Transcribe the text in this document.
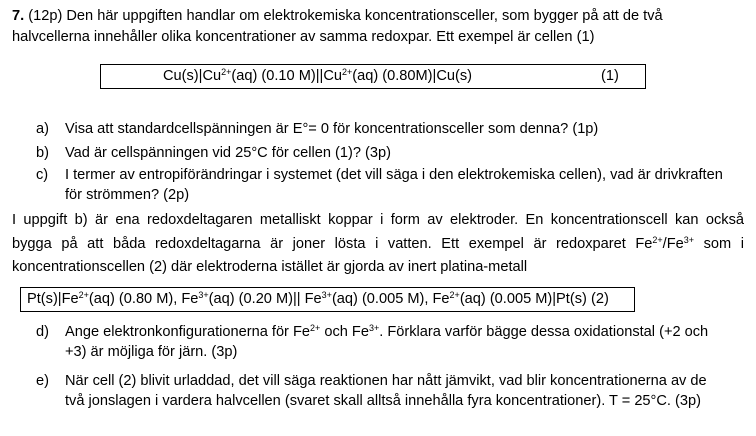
7. (12p) Den här uppgiften handlar om elektrokemiska koncentrationsceller, som bygger på att de två
halvcellerna innehåller olika koncentrationer av samma redoxpar. Ett exempel är cellen (1)
$Cu(s)|Cu^{2+}(aq)$ (0.10 $M)||Cu^{2+}(aq)$ (0.80M)|Cu(s)	(1)
a) Visa att standardcellspänningen är E°= 0 för koncentrationsceller som denna? (1p)
b) Vad är cellspänningen vid 25°C för cellen (1)? (3p)
c) I termer av entropiförändringar i systemet (det vill säga i den elektrokemiska cellen), vad är drivkraften
för strömmen? (2p)
I uppgift b) är ena redoxdeltagaren metalliskt koppar i form av elektroder. En koncentrationscell kan också
bygga på att båda redoxdeltagarna är joner lösta i vatten. Ett exempel är redoxparet $Fe^{2+}/Fe^{3+}$ som i
koncentrationscellen (2) där elektroderna istället är gjorda av inert platina-metall
$Pt(s)|Fe^{2+}(aq)$ (0.80 M), $Fe^{3+}(aq)$ (0.20 M)|| $Fe^{3+}(aq)$ (0.005 M), $Fe^{2+}(aq)$ (0.005 M)|Pt(s) (2)
d) Ange elektronkonfigurationerna för $Fe^{2+}$ och $Fe^{3+}$. Förklara varför bägge dessa oxidationstal (+2 och
+3) är möjliga för järn. (3p)
e) När cell (2) blivit urladdad, det vill säga reaktionen har nått jämvikt, vad blir koncentrationerna av de
två jonslagen i vardera halvcellen (svaret skall alltså innehålla fyra koncentrationer). T = 25°C. (3p)
